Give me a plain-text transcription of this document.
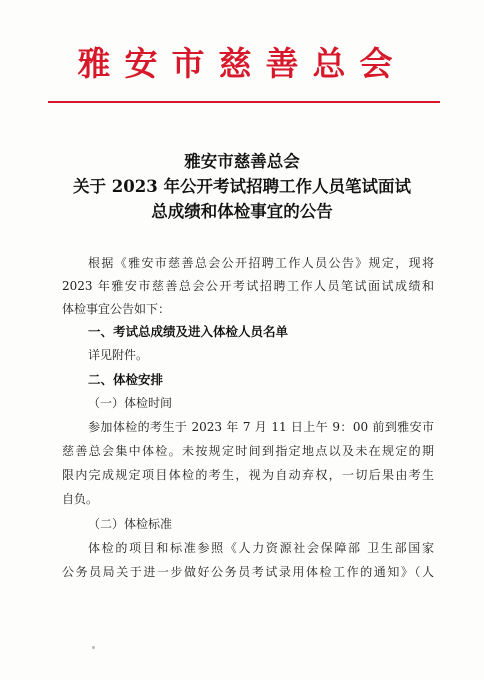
雅安市慈善总会
雅安市慈善总会
关于 2023 年公开考试招聘工作人员笔试面试
总成绩和体检事宜的公告
根据《雅安市慈善总会公开招聘工作人员公告》规定，现将
2023 年雅安市慈善总会公开考试招聘工作人员笔试面试成绩和
体检事宜公告如下：
一、考试总成绩及进入体检人员名单
详见附件。
二、体检安排
（一）体检时间
参加体检的考生于 2023 年 7 月 11 日上午 9：00 前到雅安市
慈善总会集中体检。未按规定时间到指定地点以及未在规定的期
限内完成规定项目体检的考生，视为自动弃权，一切后果由考生
自负。
（二）体检标准
体检的项目和标准参照《人力资源社会保障部 卫生部国家
公务员局关于进一步做好公务员考试录用体检工作的通知》（人
